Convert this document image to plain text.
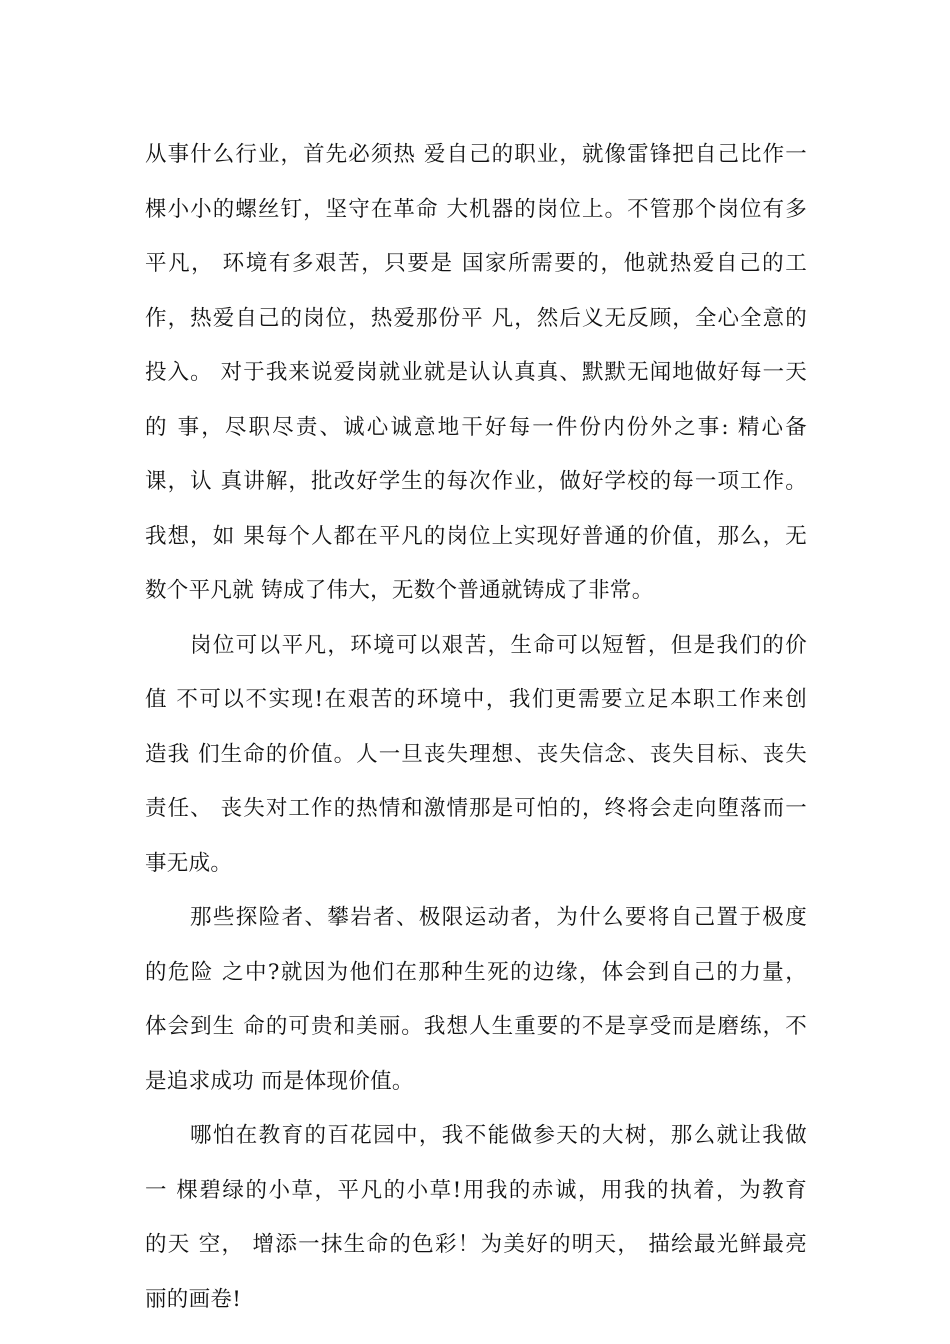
从事什么行业，首先必须热 爱自己的职业，就像雷锋把自己比作一
棵小小的螺丝钉，坚守在革命 大机器的岗位上。不管那个岗位有多
平凡， 环境有多艰苦，只要是 国家所需要的，他就热爱自己的工
作，热爱自己的岗位，热爱那份平 凡，然后义无反顾，全心全意的
投入。 对于我来说爱岗就业就是认认真真、默默无闻地做好每一天
的 事，尽职尽责、诚心诚意地干好每一件份内份外之事: 精心备
课，认 真讲解，批改好学生的每次作业，做好学校的每一项工作。
我想，如 果每个人都在平凡的岗位上实现好普通的价值，那么，无
数个平凡就 铸成了伟大，无数个普通就铸成了非常。
岗位可以平凡，环境可以艰苦，生命可以短暂，但是我们的价
值 不可以不实现!在艰苦的环境中，我们更需要立足本职工作来创
造我 们生命的价值。人一旦丧失理想、丧失信念、丧失目标、丧失
责任、 丧失对工作的热情和激情那是可怕的，终将会走向堕落而一
事无成。
那些探险者、攀岩者、极限运动者，为什么要将自己置于极度
的危险 之中?就因为他们在那种生死的边缘，体会到自己的力量，
体会到生 命的可贵和美丽。我想人生重要的不是享受而是磨练，不
是追求成功 而是体现价值。
哪怕在教育的百花园中，我不能做参天的大树，那么就让我做
一 棵碧绿的小草，平凡的小草!用我的赤诚，用我的执着，为教育
的天 空， 增添一抹生命的色彩！为美好的明天， 描绘最光鲜最亮
丽的画卷!
